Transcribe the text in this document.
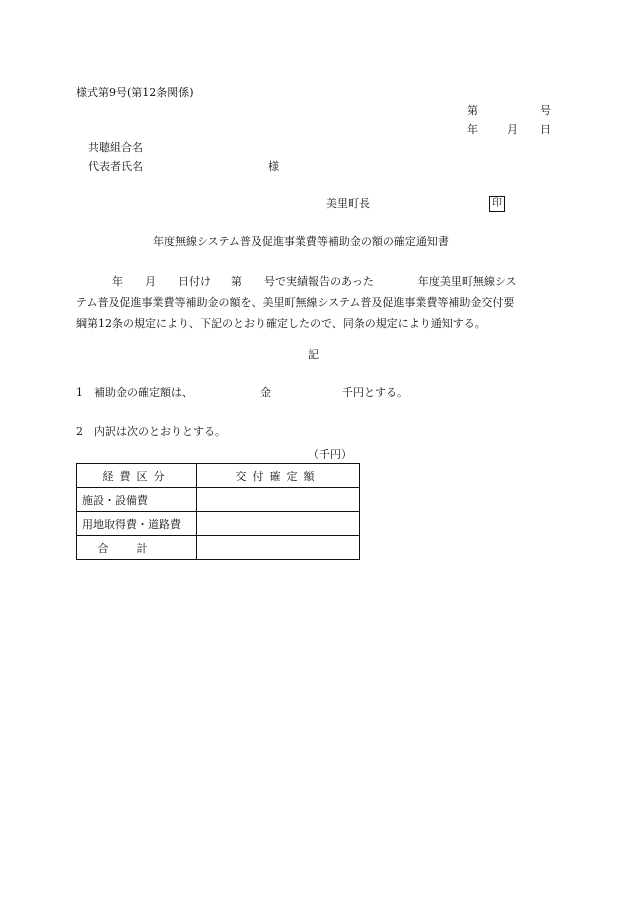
様式第9号(第12条関係)
第	号
年	月 日
共聴組合名
代表者氏名	様
美里町長	印
年度無線システム普及促進事業費等補助金の額の確定通知書
年 月 日付け 第 号で実績報告のあった	年度美里町無線シス
テム普及促進事業費等補助金の額を、美里町無線システム普及促進事業費等補助金交付要
綱第12条の規定により、下記のとおり確定したので、同条の規定により通知する。
記
1　補助金の確定額は、	金	千円とする。
2　内訳は次のとおりとする。
（千円）
経費区分	交付確定額
施設・設備費	
用地取得費・道路費	
合計	
